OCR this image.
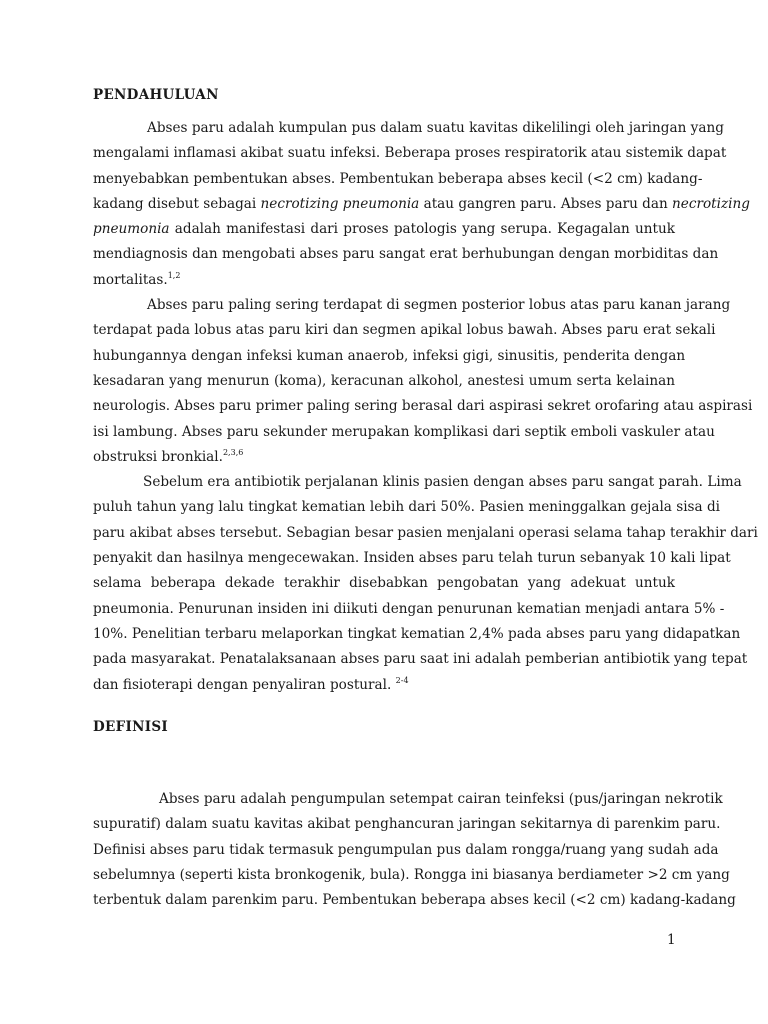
PENDAHULUAN
Abses paru adalah kumpulan pus dalam suatu kavitas dikelilingi oleh jaringan yang
mengalami inflamasi akibat suatu infeksi. Beberapa proses respiratorik atau sistemik dapat
menyebabkan pembentukan abses. Pembentukan beberapa abses kecil (<2 cm) kadang-
kadang disebut sebagai necrotizing pneumonia atau gangren paru. Abses paru dan necrotizing
pneumonia adalah manifestasi dari proses patologis yang serupa. Kegagalan untuk
mendiagnosis dan mengobati abses paru sangat erat berhubungan dengan morbiditas dan
mortalitas.$^{1,2}$
Abses paru paling sering terdapat di segmen posterior lobus atas paru kanan jarang
terdapat pada lobus atas paru kiri dan segmen apikal lobus bawah. Abses paru erat sekali
hubungannya dengan infeksi kuman anaerob, infeksi gigi, sinusitis, penderita dengan
kesadaran yang menurun (koma), keracunan alkohol, anestesi umum serta kelainan
neurologis. Abses paru primer paling sering berasal dari aspirasi sekret orofaring atau aspirasi
isi lambung. Abses paru sekunder merupakan komplikasi dari septik emboli vaskuler atau
obstruksi bronkial.$^{2,3,6}$
Sebelum era antibiotik perjalanan klinis pasien dengan abses paru sangat parah. Lima
puluh tahun yang lalu tingkat kematian lebih dari 50%. Pasien meninggalkan gejala sisa di
paru akibat abses tersebut. Sebagian besar pasien menjalani operasi selama tahap terakhir dari
penyakit dan hasilnya mengecewakan. Insiden abses paru telah turun sebanyak 10 kali lipat
selama beberapa dekade terakhir disebabkan pengobatan yang adekuat untuk
pneumonia. Penurunan insiden ini diikuti dengan penurunan kematian menjadi antara 5% -
10%. Penelitian terbaru melaporkan tingkat kematian 2,4% pada abses paru yang didapatkan
pada masyarakat. Penatalaksanaan abses paru saat ini adalah pemberian antibiotik yang tepat
dan fisioterapi dengan penyaliran postural. $^{2-4}$
DEFINISI
Abses paru adalah pengumpulan setempat cairan teinfeksi (pus/jaringan nekrotik
supuratif) dalam suatu kavitas akibat penghancuran jaringan sekitarnya di parenkim paru.
Definisi abses paru tidak termasuk pengumpulan pus dalam rongga/ruang yang sudah ada
sebelumnya (seperti kista bronkogenik, bula). Rongga ini biasanya berdiameter >2 cm yang
terbentuk dalam parenkim paru. Pembentukan beberapa abses kecil (<2 cm) kadang-kadang
1
